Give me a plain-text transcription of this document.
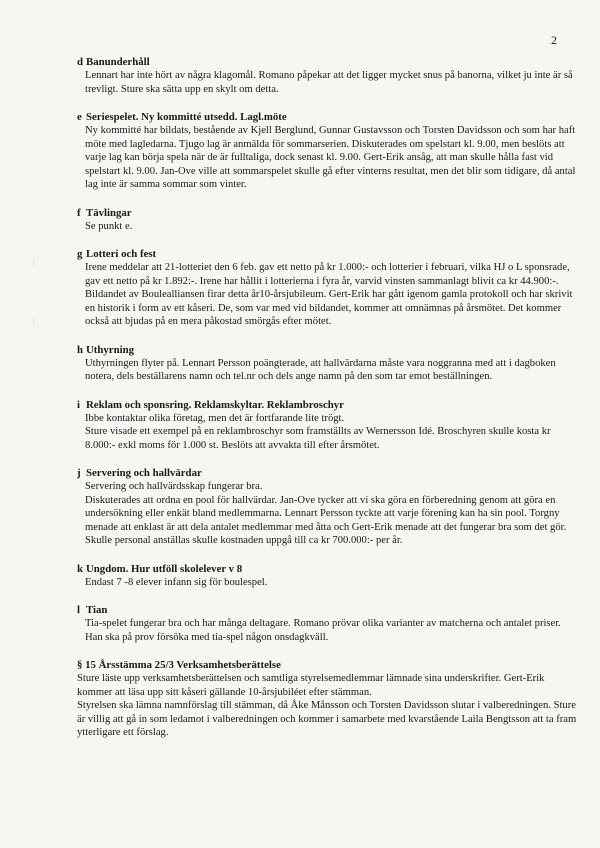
2
d Banunderhåll

Lennart har inte hört av några klagomål. Romano påpekar att det ligger mycket snus på banorna, vilket ju inte är så trevligt. Sture ska sätta upp en skylt om detta.

e Seriespelet. Ny kommitté utsedd. Lagl.möte

Ny kommitté har bildats, bestående av Kjell Berglund, Gunnar Gustavsson och Torsten Davidsson och som har haft möte med lagledarna. Tjugo lag är anmälda för sommarserien. Diskuterades om spelstart kl. 9.00, men beslöts att varje lag kan börja spela när de är fulltaliga, dock senast kl. 9.00. Gert-Erik ansåg, att man skulle hålla fast vid spelstart kl. 9.00. Jan-Ove ville att sommarspelet skulle gå efter vinterns resultat, men det blir som tidigare, då antal lag inte är samma sommar som vinter.

f Tävlingar

Se punkt e.

g Lotteri och fest

Irene meddelar att 21-lotteriet den 6 feb. gav ett netto på kr 1.000:- och lotterier i februari, vilka HJ o L sponsrade, gav ett netto på kr 1.892:-. Irene har hållit i lotterierna i fyra år, varvid vinsten sammanlagt blivit ca kr 44.900:-.

Bildandet av Boulealliansen firar detta år10-årsjubileum. Gert-Erik har gått igenom gamla protokoll och har skrivit en historik i form av ett kåseri. De, som var med vid bildandet, kommer att omnämnas på årsmötet. Det kommer också att bjudas på en mera påkostad smörgås efter mötet.

h Uthyrning

Uthyrningen flyter på. Lennart Persson poängterade, att hallvärdarna måste vara noggranna med att i dagboken notera, dels beställarens namn och tel.nr och dels ange namn på den som tar emot beställningen.

i Reklam och sponsring. Reklamskyltar. Reklambroschyr

Ibbe kontaktar olika företag, men det är fortfarande lite trögt.

Sture visade ett exempel på en reklambroschyr som framställts av Wernersson Idé. Broschyren skulle kosta kr 8.000:- exkl moms för 1.000 st. Beslöts att avvakta till efter årsmötet.

j Servering och hallvärdar

Servering och hallvärdsskap fungerar bra.

Diskuterades att ordna en pool för hallvärdar. Jan-Ove tycker att vi ska göra en förberedning genom att göra en undersökning eller enkät bland medlemmarna. Lennart Persson tyckte att varje förening kan ha sin pool. Torgny menade att enklast är att dela antalet medlemmar med åtta och Gert-Erik menade att det fungerar bra som det gör. Skulle personal anställas skulle kostnaden uppgå till ca kr 700.000:- per år.

k Ungdom. Hur utföll skolelever v 8

Endast 7 -8 elever infann sig för boulespel.

l Tian

Tia-spelet fungerar bra och har många deltagare. Romano prövar olika varianter av matcherna och antalet priser. Han ska på prov försöka med tia-spel någon onsdagkväll.

§ 15 Årsstämma 25/3 Verksamhetsberättelse

Sture läste upp verksamhetsberättelsen och samtliga styrelsemedlemmar lämnade sina underskrifter. Gert-Erik kommer att läsa upp sitt kåseri gällande 10-årsjubiléet efter stämman.

Styrelsen ska lämna namnförslag till stämman, då Åke Månsson och Torsten Davidsson slutar i valberedningen. Sture är villig att gå in som ledamot i valberedningen och kommer i samarbete med kvarstående Laila Bengtsson att ta fram ytterligare ett förslag.
